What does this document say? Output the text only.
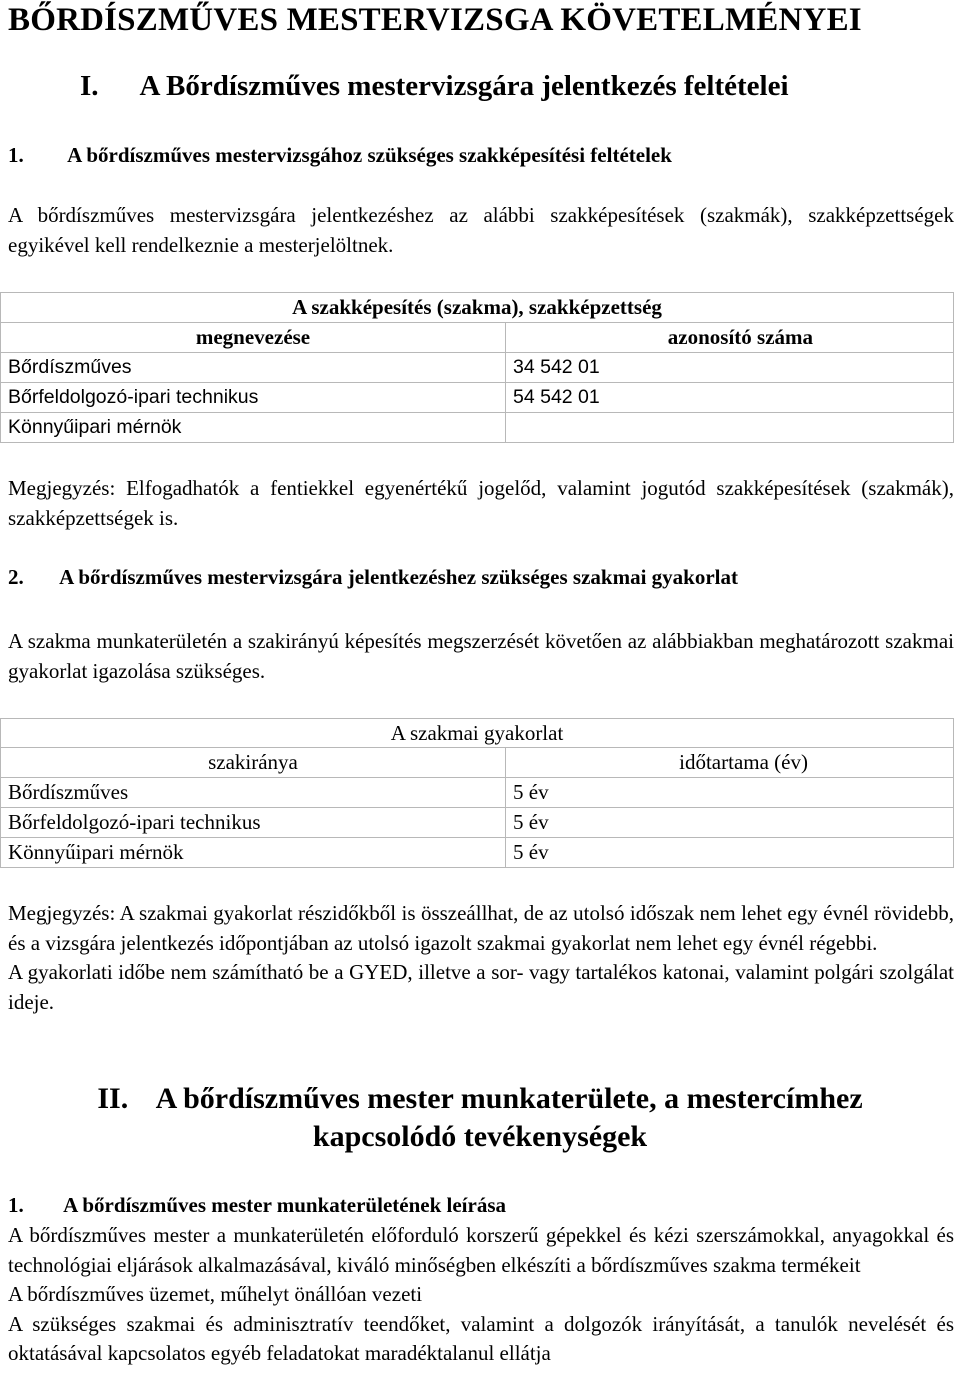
BŐRDÍSZMŰVES MESTERVIZSGA KÖVETELMÉNYEI
I. A Bőrdíszműves mestervizsgára jelentkezés feltételei
1. A bőrdíszműves mestervizsgához szükséges szakképesítési feltételek
A bőrdíszműves mestervizsgára jelentkezéshez az alábbi szakképesítések (szakmák), szakképzettségek egyikével kell rendelkeznie a mesterjelöltnek.
A szakképesítés (szakma), szakképzettség	
megnevezése	azonosító száma
Bőrdíszműves	34 542 01
Bőrfeldolgozó-ipari technikus	54 542 01
Könnyűipari mérnök	
Megjegyzés: Elfogadhatók a fentiekkel egyenértékű jogelőd, valamint jogutód szakképesítések (szakmák), szakképzettségek is.
2. A bőrdíszműves mestervizsgára jelentkezéshez szükséges szakmai gyakorlat
A szakma munkaterületén a szakirányú képesítés megszerzését követően az alábbiakban meghatározott szakmai gyakorlat igazolása szükséges.
A szakmai gyakorlat	
szakiránya	időtartama (év)
Bőrdíszműves	5 év
Bőrfeldolgozó-ipari technikus	5 év
Könnyűipari mérnök	5 év

Megjegyzés: A szakmai gyakorlat részidőkből is összeállhat, de az utolsó időszak nem lehet egy évnél rövidebb, és a vizsgára jelentkezés időpontjában az utolsó igazolt szakmai gyakorlat nem lehet egy évnél régebbi.

A gyakorlati időbe nem számítható be a GYED, illetve a sor- vagy tartalékos katonai, valamint polgári szolgálat ideje.

II. A bőrdíszműves mester munkaterülete, a mestercímhez
kapcsolódó tevékenységek
1. A bőrdíszműves mester munkaterületének leírása

A bőrdíszműves mester a munkaterületén előforduló korszerű gépekkel és kézi szerszámokkal, anyagokkal és technológiai eljárások alkalmazásával, kiváló minőségben elkészíti a bőrdíszműves szakma termékeit

A bőrdíszműves üzemet, műhelyt önállóan vezeti

A szükséges szakmai és adminisztratív teendőket, valamint a dolgozók irányítását, a tanulók nevelését és oktatásával kapcsolatos egyéb feladatokat maradéktalanul ellátja
